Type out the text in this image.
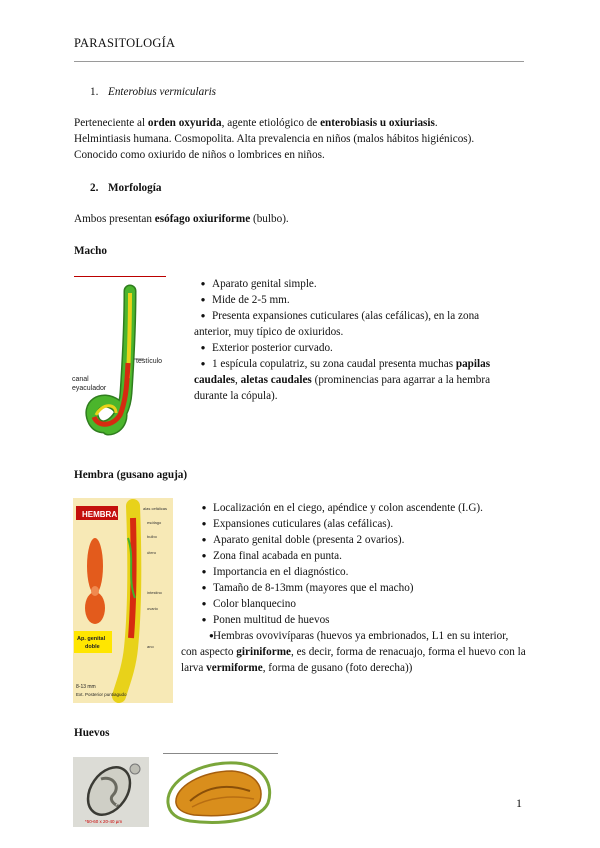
PARASITOLOGÍA
1. Enterobius vermicularis
Perteneciente al orden oxyurida, agente etiológico de enterobiasis u oxiuriasis.
Helmintiasis humana. Cosmopolita. Alta prevalencia en niños (malos hábitos higiénicos).
Conocido como oxiurido de niños o lombrices en niños.
2. Morfología
Ambos presentan esófago oxiuriforme (bulbo).
Macho
testículo
canal
eyaculador
● Aparato genital simple.
● Mide de 2-5 mm.
● Presenta expansiones cuticulares (alas cefálicas), en la zona anterior, muy típico de oxiuridos.
● Exterior posterior curvado.
● 1 espícula copulatriz, su zona caudal presenta muchas papilas caudales, aletas caudales (prominencias para agarrar a la hembra durante la cópula).
Hembra (gusano aguja)
HEMBRA
alas cefálicas
esófago
bulbo
útero
intestino
ovario
ano
Ap. genital
doble
8-13 mm
Ext. Posterior puntiagudo
● Localización en el ciego, apéndice y colon ascendente (I.G).
● Expansiones cuticulares (alas cefálicas).
● Aparato genital doble (presenta 2 ovarios).
● Zona final acabada en punta.
● Importancia en el diagnóstico.
● Tamaño de 8-13mm (mayores que el macho)
● Color blanquecino
● Ponen multitud de huevos
●Hembras ovovivíparas (huevos ya embrionados, L1 en su interior, con aspecto giriniforme, es decir, forma de renacuajo, forma el huevo con la larva vermiforme, forma de gusano (foto derecha))
Huevos
*50-60 x 20-40 µm
1
